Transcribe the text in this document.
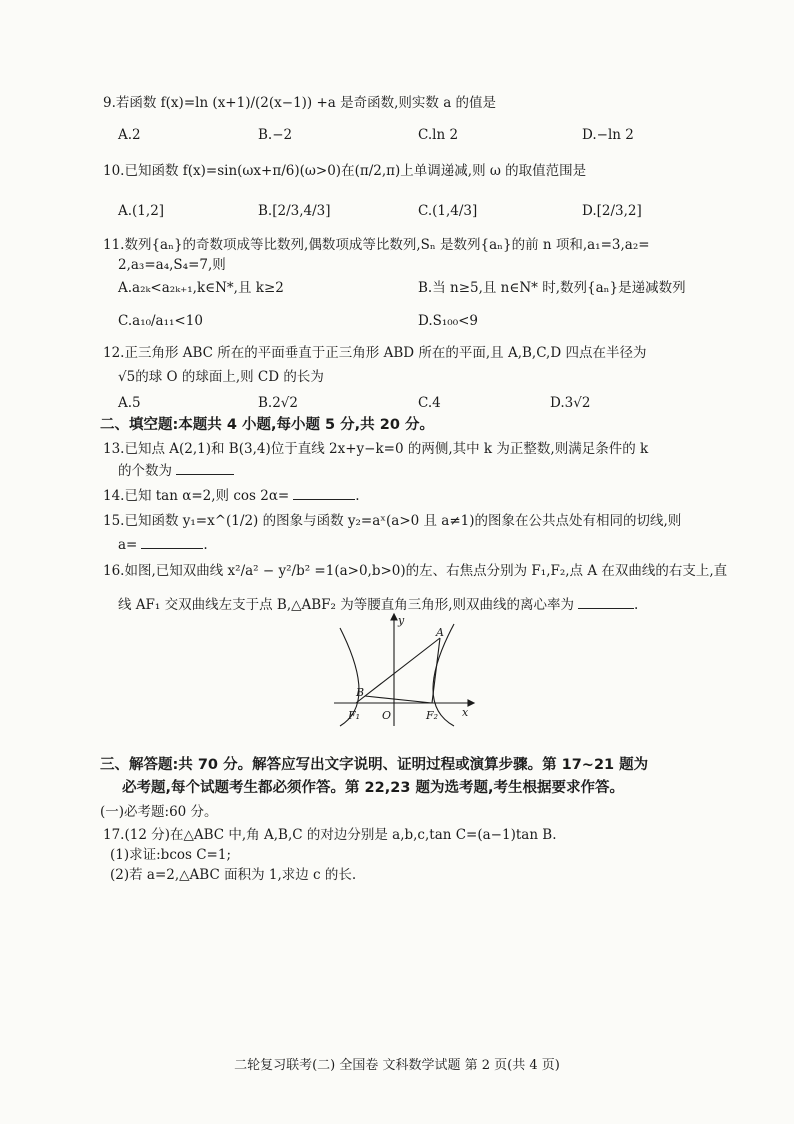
9.若函数 f(x)=ln (x+1)/(2(x−1)) +a 是奇函数,则实数 a 的值是
A.2	B.−2	C.ln 2	D.−ln 2
10.已知函数 f(x)=sin(ωx+π/6)(ω>0)在(π/2,π)上单调递减,则 ω 的取值范围是
A.(1,2]	B.[2/3,4/3]	C.(1,4/3]	D.[2/3,2]
11.数列{aₙ}的奇数项成等比数列,偶数项成等比数列,Sₙ 是数列{aₙ}的前 n 项和,a₁=3,a₂=
2,a₃=a₄,S₄=7,则
A.a₂ₖ<a₂ₖ₊₁,k∈N*,且 k≥2	B.当 n≥5,且 n∈N* 时,数列{aₙ}是递减数列
C.a₁₀/a₁₁<10	D.S₁₀₀<9
12.正三角形 ABC 所在的平面垂直于正三角形 ABD 所在的平面,且 A,B,C,D 四点在半径为
√5的球 O 的球面上,则 CD 的长为
A.5	B.2√2	C.4	D.3√2
二、填空题:本题共 4 小题,每小题 5 分,共 20 分。
13.已知点 A(2,1)和 B(3,4)位于直线 2x+y−k=0 的两侧,其中 k 为正整数,则满足条件的 k
的个数为
14.已知 tan α=2,则 cos 2α=	.
15.已知函数 y₁=x^(1/2) 的图象与函数 y₂=aˣ(a>0 且 a≠1)的图象在公共点处有相同的切线,则
a=	.
16.如图,已知双曲线 x²/a² − y²/b² =1(a>0,b>0)的左、右焦点分别为 F₁,F₂,点 A 在双曲线的右支上,直
线 AF₁ 交双曲线左支于点 B,△ABF₂ 为等腰直角三角形,则双曲线的离心率为	.
y
x
A
B
O
F₁	F₂
三、解答题:共 70 分。解答应写出文字说明、证明过程或演算步骤。第 17~21 题为
必考题,每个试题考生都必须作答。第 22,23 题为选考题,考生根据要求作答。
(一)必考题:60 分。
17.(12 分)在△ABC 中,角 A,B,C 的对边分别是 a,b,c,tan C=(a−1)tan B.
(1)求证:bcos C=1;
(2)若 a=2,△ABC 面积为 1,求边 c 的长.
二轮复习联考(二) 全国卷 文科数学试题 第 2 页(共 4 页)
